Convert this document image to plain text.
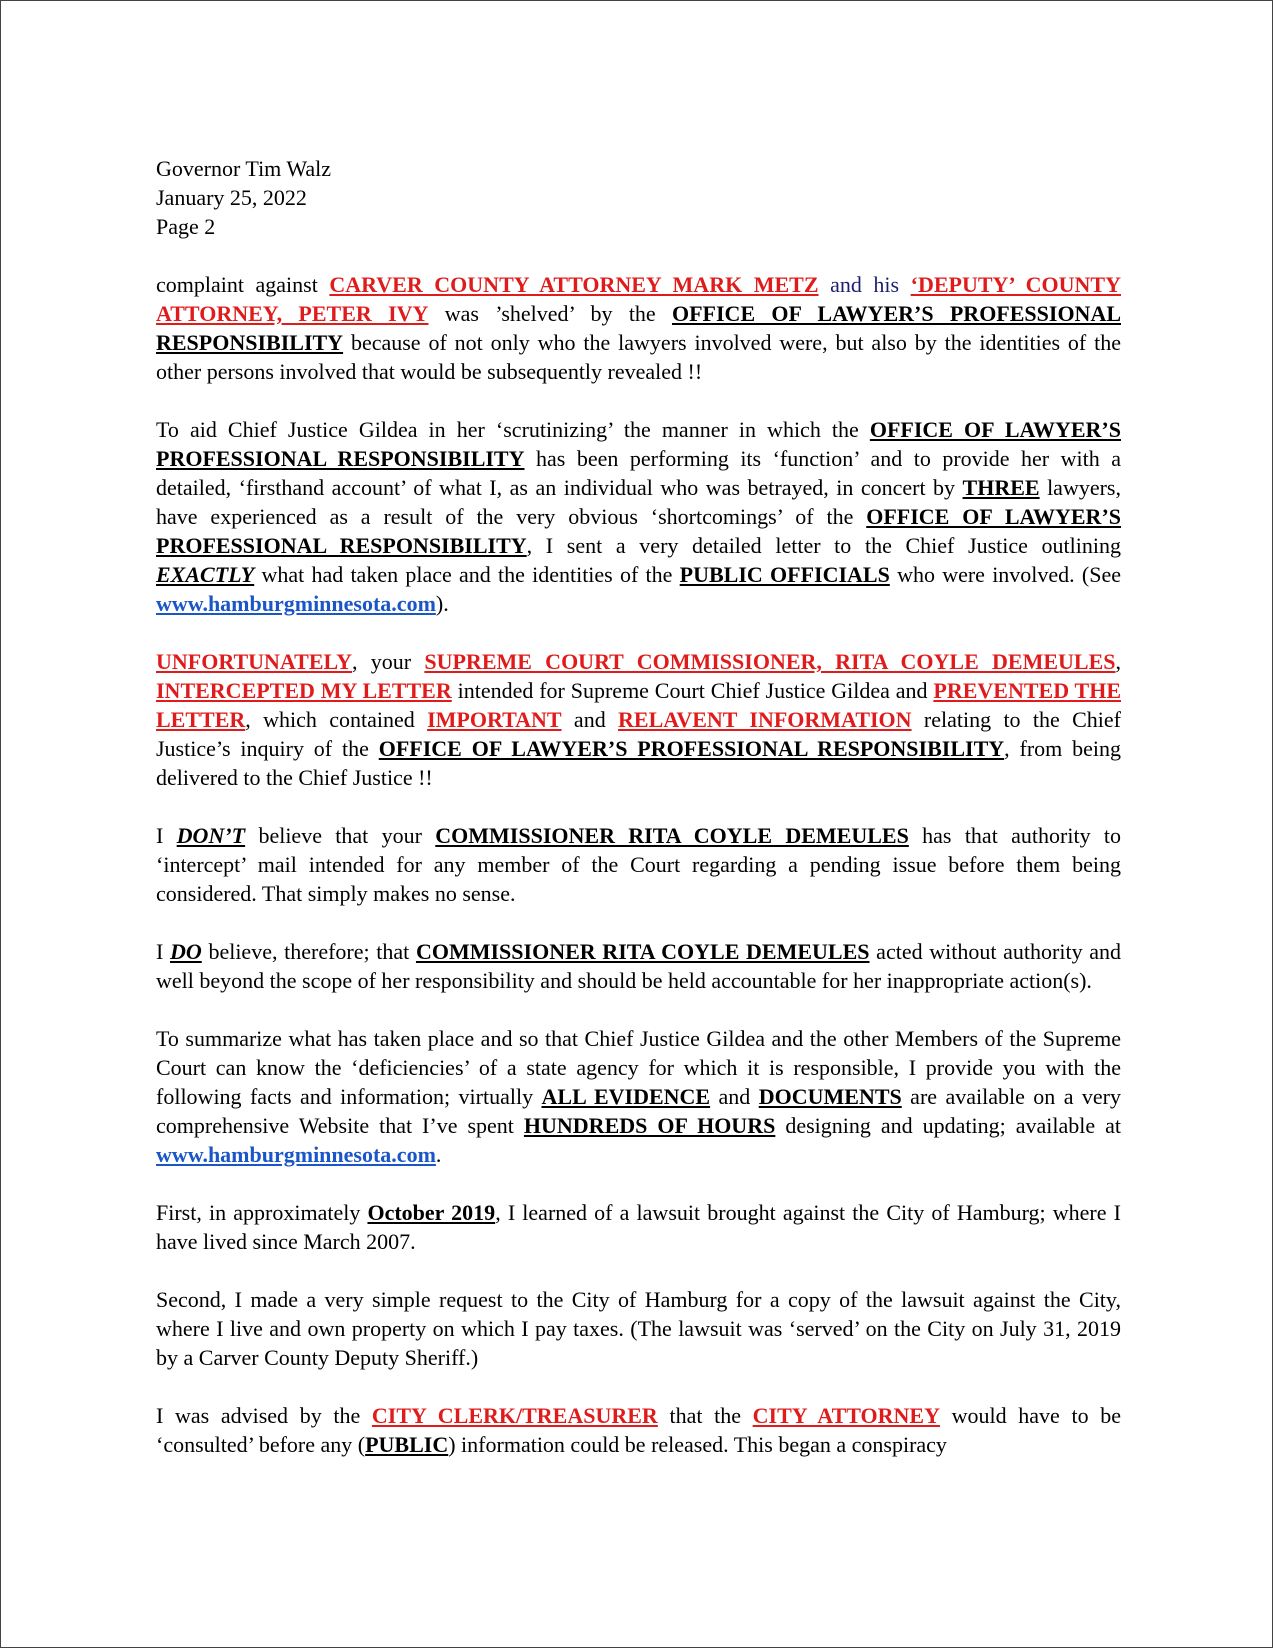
Governor Tim Walz

January 25, 2022

Page 2

complaint against CARVER COUNTY ATTORNEY MARK METZ and his ‘DEPUTY’ COUNTY ATTORNEY, PETER IVY was ’shelved’ by the OFFICE OF LAWYER’S PROFESSIONAL RESPONSIBILITY because of not only who the lawyers involved were, but also by the identities of the other persons involved that would be subsequently revealed !!

To aid Chief Justice Gildea in her ‘scrutinizing’ the manner in which the OFFICE OF LAWYER’S PROFESSIONAL RESPONSIBILITY has been performing its ‘function’ and to provide her with a detailed, ‘firsthand account’ of what I, as an individual who was betrayed, in concert by THREE lawyers, have experienced as a result of the very obvious ‘shortcomings’ of the OFFICE OF LAWYER’S PROFESSIONAL RESPONSIBILITY, I sent a very detailed letter to the Chief Justice outlining EXACTLY what had taken place and the identities of the PUBLIC OFFICIALS who were involved. (See www.hamburgminnesota.com).

UNFORTUNATELY, your SUPREME COURT COMMISSIONER, RITA COYLE DEMEULES, INTERCEPTED MY LETTER intended for Supreme Court Chief Justice Gildea and PREVENTED THE LETTER, which contained IMPORTANT and RELAVENT INFORMATION relating to the Chief Justice’s inquiry of the OFFICE OF LAWYER’S PROFESSIONAL RESPONSIBILITY, from being delivered to the Chief Justice !!

I DON’T believe that your COMMISSIONER RITA COYLE DEMEULES has that authority to ‘intercept’ mail intended for any member of the Court regarding a pending issue before them being considered. That simply makes no sense.

I DO believe, therefore; that COMMISSIONER RITA COYLE DEMEULES acted without authority and well beyond the scope of her responsibility and should be held accountable for her inappropriate action(s).

To summarize what has taken place and so that Chief Justice Gildea and the other Members of the Supreme Court can know the ‘deficiencies’ of a state agency for which it is responsible, I provide you with the following facts and information; virtually ALL EVIDENCE and DOCUMENTS are available on a very comprehensive Website that I’ve spent HUNDREDS OF HOURS designing and updating; available at www.hamburgminnesota.com.

First, in approximately October 2019, I learned of a lawsuit brought against the City of Hamburg; where I have lived since March 2007.

Second, I made a very simple request to the City of Hamburg for a copy of the lawsuit against the City, where I live and own property on which I pay taxes. (The lawsuit was ‘served’ on the City on July 31, 2019 by a Carver County Deputy Sheriff.)

I was advised by the CITY CLERK/TREASURER that the CITY ATTORNEY would have to be ‘consulted’ before any (PUBLIC) information could be released. This began a conspiracy
